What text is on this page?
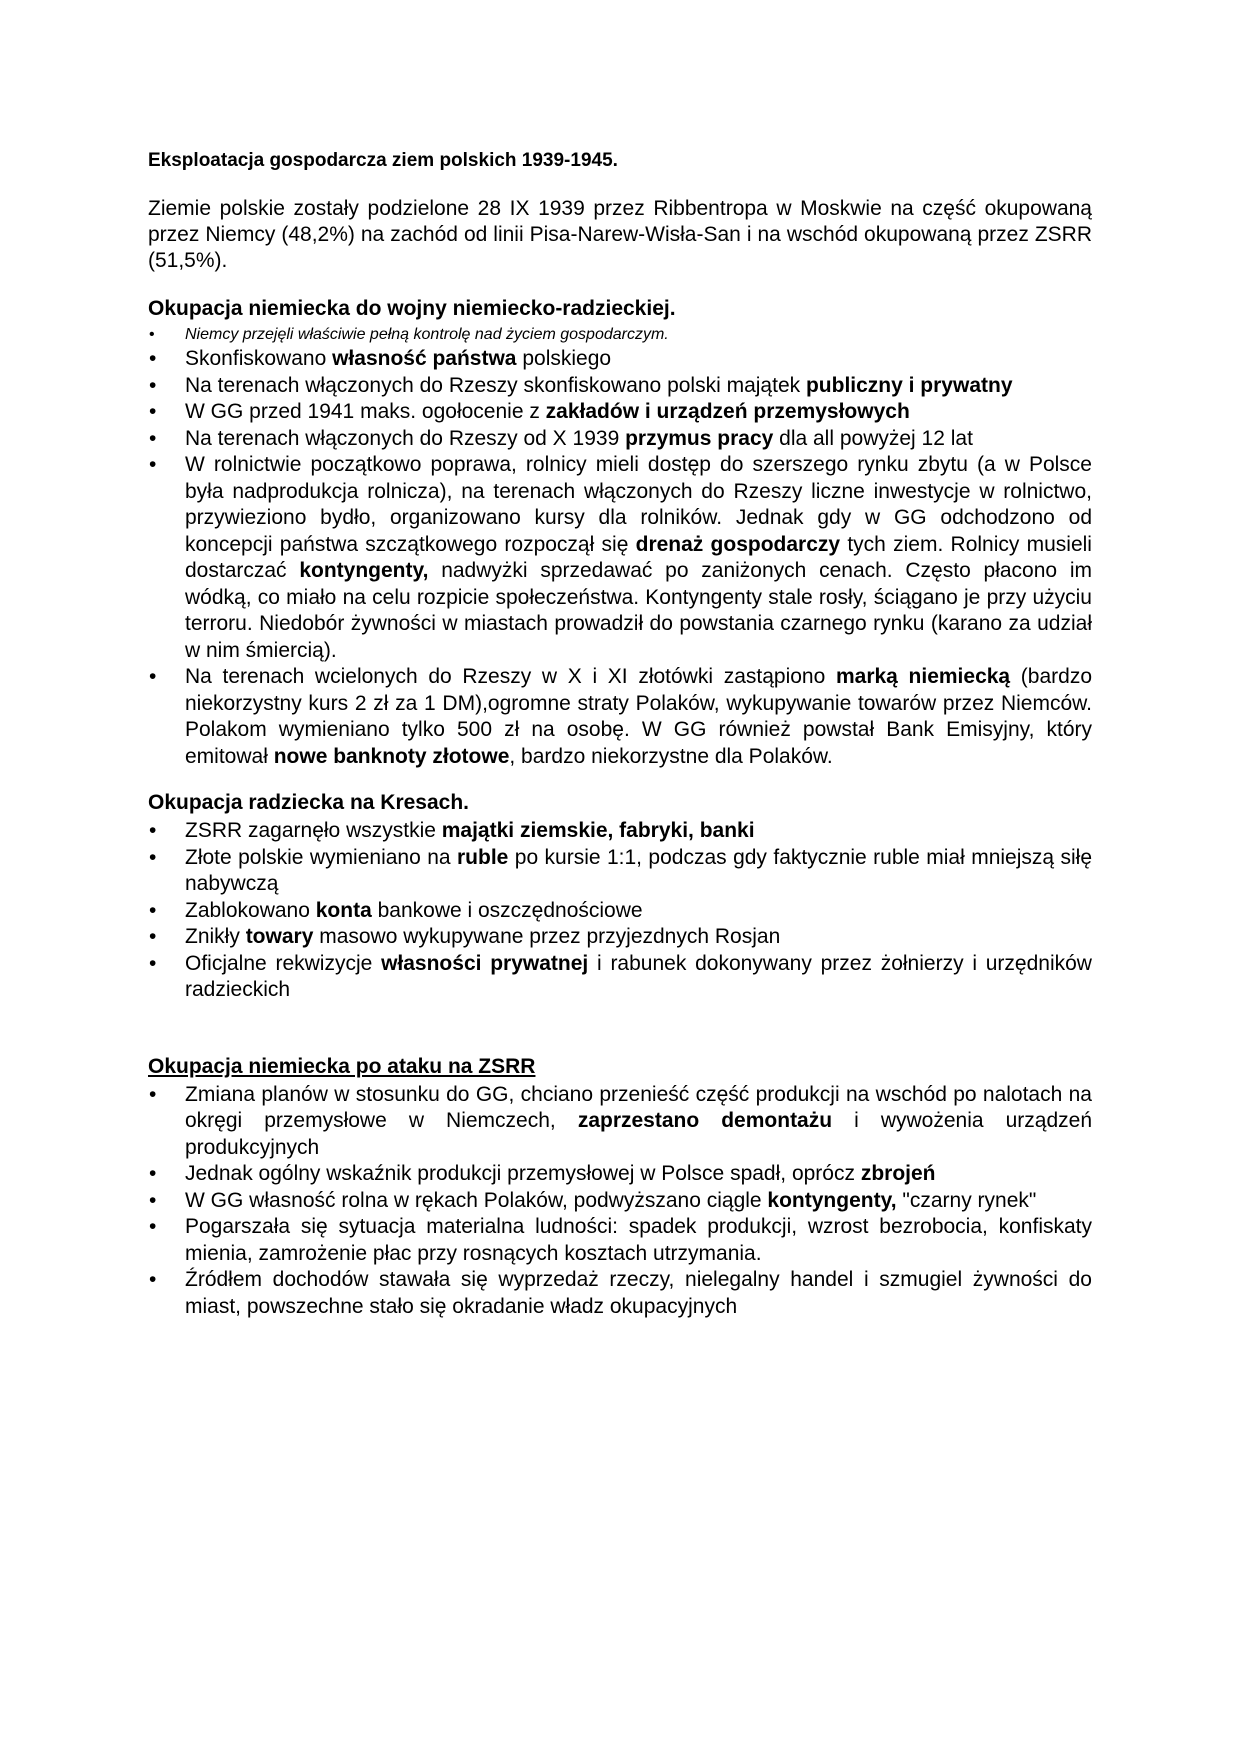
Eksploatacja gospodarcza ziem polskich 1939-1945.

Ziemie polskie zostały podzielone 28 IX 1939 przez Ribbentropa w Moskwie na część okupowaną przez Niemcy (48,2%) na zachód od linii Pisa-Narew-Wisła-San i na wschód okupowaną przez ZSRR (51,5%).

Okupacja niemiecka do wojny niemiecko-radzieckiej.
• Niemcy przejęli właściwie pełną kontrolę nad życiem gospodarczym.
• Skonfiskowano własność państwa polskiego
• Na terenach włączonych do Rzeszy skonfiskowano polski majątek publiczny i prywatny
• W GG przed 1941 maks. ogołocenie z zakładów i urządzeń przemysłowych
• Na terenach włączonych do Rzeszy od X 1939 przymus pracy dla all powyżej 12 lat
• W rolnictwie początkowo poprawa, rolnicy mieli dostęp do szerszego rynku zbytu (a w Polsce była nadprodukcja rolnicza), na terenach włączonych do Rzeszy liczne inwestycje w rolnictwo, przywieziono bydło, organizowano kursy dla rolników. Jednak gdy w GG odchodzono od koncepcji państwa szczątkowego rozpoczął się drenaż gospodarczy tych ziem. Rolnicy musieli dostarczać kontyngenty, nadwyżki sprzedawać po zaniżonych cenach. Często płacono im wódką, co miało na celu rozpicie społeczeństwa. Kontyngenty stale rosły, ściągano je przy użyciu terroru. Niedobór żywności w miastach prowadził do powstania czarnego rynku (karano za udział w nim śmiercią).
• Na terenach wcielonych do Rzeszy w X i XI złotówki zastąpiono marką niemiecką (bardzo niekorzystny kurs 2 zł za 1 DM),ogromne straty Polaków, wykupywanie towarów przez Niemców. Polakom wymieniano tylko 500 zł na osobę. W GG również powstał Bank Emisyjny, który emitował nowe banknoty złotowe, bardzo niekorzystne dla Polaków.
Okupacja radziecka na Kresach.
• ZSRR zagarnęło wszystkie majątki ziemskie, fabryki, banki
• Złote polskie wymieniano na ruble po kursie 1:1, podczas gdy faktycznie ruble miał mniejszą siłę nabywczą
• Zablokowano konta bankowe i oszczędnościowe
• Znikły towary masowo wykupywane przez przyjezdnych Rosjan
• Oficjalne rekwizycje własności prywatnej i rabunek dokonywany przez żołnierzy i urzędników radzieckich
Okupacja niemiecka po ataku na ZSRR
• Zmiana planów w stosunku do GG, chciano przenieść część produkcji na wschód po nalotach na okręgi przemysłowe w Niemczech, zaprzestano demontażu i wywożenia urządzeń produkcyjnych
• Jednak ogólny wskaźnik produkcji przemysłowej w Polsce spadł, oprócz zbrojeń
• W GG własność rolna w rękach Polaków, podwyższano ciągle kontyngenty, "czarny rynek"
• Pogarszała się sytuacja materialna ludności: spadek produkcji, wzrost bezrobocia, konfiskaty mienia, zamrożenie płac przy rosnących kosztach utrzymania.
• Źródłem dochodów stawała się wyprzedaż rzeczy, nielegalny handel i szmugiel żywności do miast, powszechne stało się okradanie władz okupacyjnych
